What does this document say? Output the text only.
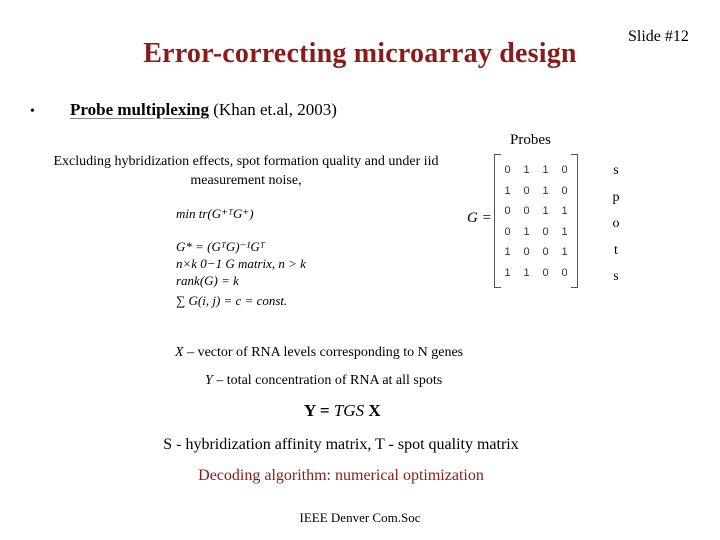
Error-correcting microarray design
Slide #12
• Probe multiplexing (Khan et.al, 2003)
Probes
Excluding hybridization effects, spot formation quality and under iid measurement noise,
G =
0	1	1	0
1	0	1	0
0	0	1	1
0	1	0	1
1	0	0	1
1	1	0	0
s
p
o
t
s
min tr(G⁺ᵀG⁺)
G* = (GᵀG)⁻¹Gᵀ
n×k 0−1 G matrix, n > k
rank(G) = k
∑ G(i, j) = c = const.
X – vector of RNA levels corresponding to N genes
Y – total concentration of RNA at all spots
Y = TGS X
S - hybridization affinity matrix, T - spot quality matrix
Decoding algorithm: numerical optimization
IEEE Denver Com.Soc
